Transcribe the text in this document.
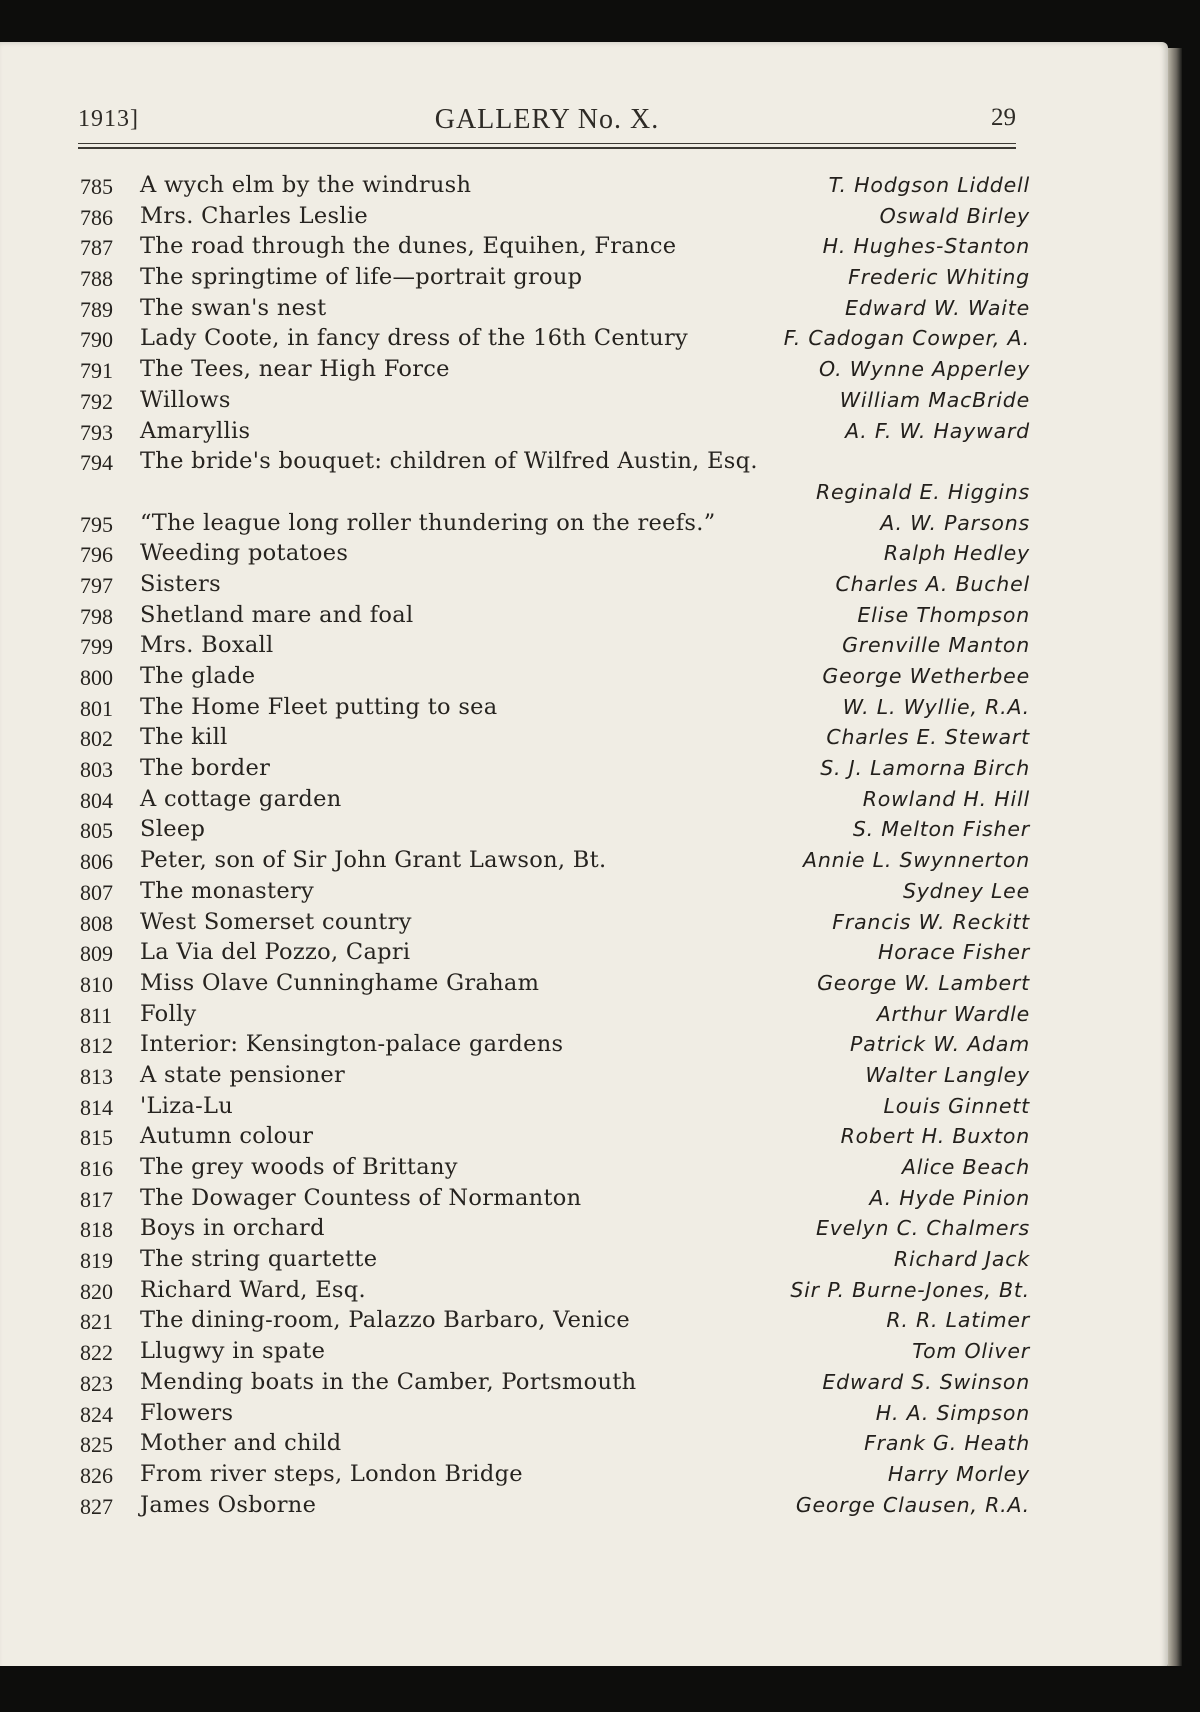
1913]	GALLERY No. X.	29
785 A wych elm by the windrush	T. Hodgson Liddell
786 Mrs. Charles Leslie	Oswald Birley
787 The road through the dunes, Equihen, France	H. Hughes-Stanton
788 The springtime of life—portrait group	Frederic Whiting
789 The swan's nest	Edward W. Waite
790 Lady Coote, in fancy dress of the 16th Century	F. Cadogan Cowper, A.
791 The Tees, near High Force	O. Wynne Apperley
792 Willows	William MacBride
793 Amaryllis	A. F. W. Hayward
794 The bride's bouquet: children of Wilfred Austin, Esq.
Reginald E. Higgins
795 “The league long roller thundering on the reefs.”	A. W. Parsons
796 Weeding potatoes	Ralph Hedley
797 Sisters	Charles A. Buchel
798 Shetland mare and foal	Elise Thompson
799 Mrs. Boxall	Grenville Manton
800 The glade	George Wetherbee
801 The Home Fleet putting to sea	W. L. Wyllie, R.A.
802 The kill	Charles E. Stewart
803 The border	S. J. Lamorna Birch
804 A cottage garden	Rowland H. Hill
805 Sleep	S. Melton Fisher
806 Peter, son of Sir John Grant Lawson, Bt.	Annie L. Swynnerton
807 The monastery	Sydney Lee
808 West Somerset country	Francis W. Reckitt
809 La Via del Pozzo, Capri	Horace Fisher
810 Miss Olave Cunninghame Graham	George W. Lambert
811 Folly	Arthur Wardle
812 Interior: Kensington-palace gardens	Patrick W. Adam
813 A state pensioner	Walter Langley
814 'Liza-Lu	Louis Ginnett
815 Autumn colour	Robert H. Buxton
816 The grey woods of Brittany	Alice Beach
817 The Dowager Countess of Normanton	A. Hyde Pinion
818 Boys in orchard	Evelyn C. Chalmers
819 The string quartette	Richard Jack
820 Richard Ward, Esq.	Sir P. Burne-Jones, Bt.
821 The dining-room, Palazzo Barbaro, Venice	R. R. Latimer
822 Llugwy in spate	Tom Oliver
823 Mending boats in the Camber, Portsmouth	Edward S. Swinson
824 Flowers	H. A. Simpson
825 Mother and child	Frank G. Heath
826 From river steps, London Bridge	Harry Morley
827 James Osborne	George Clausen, R.A.
